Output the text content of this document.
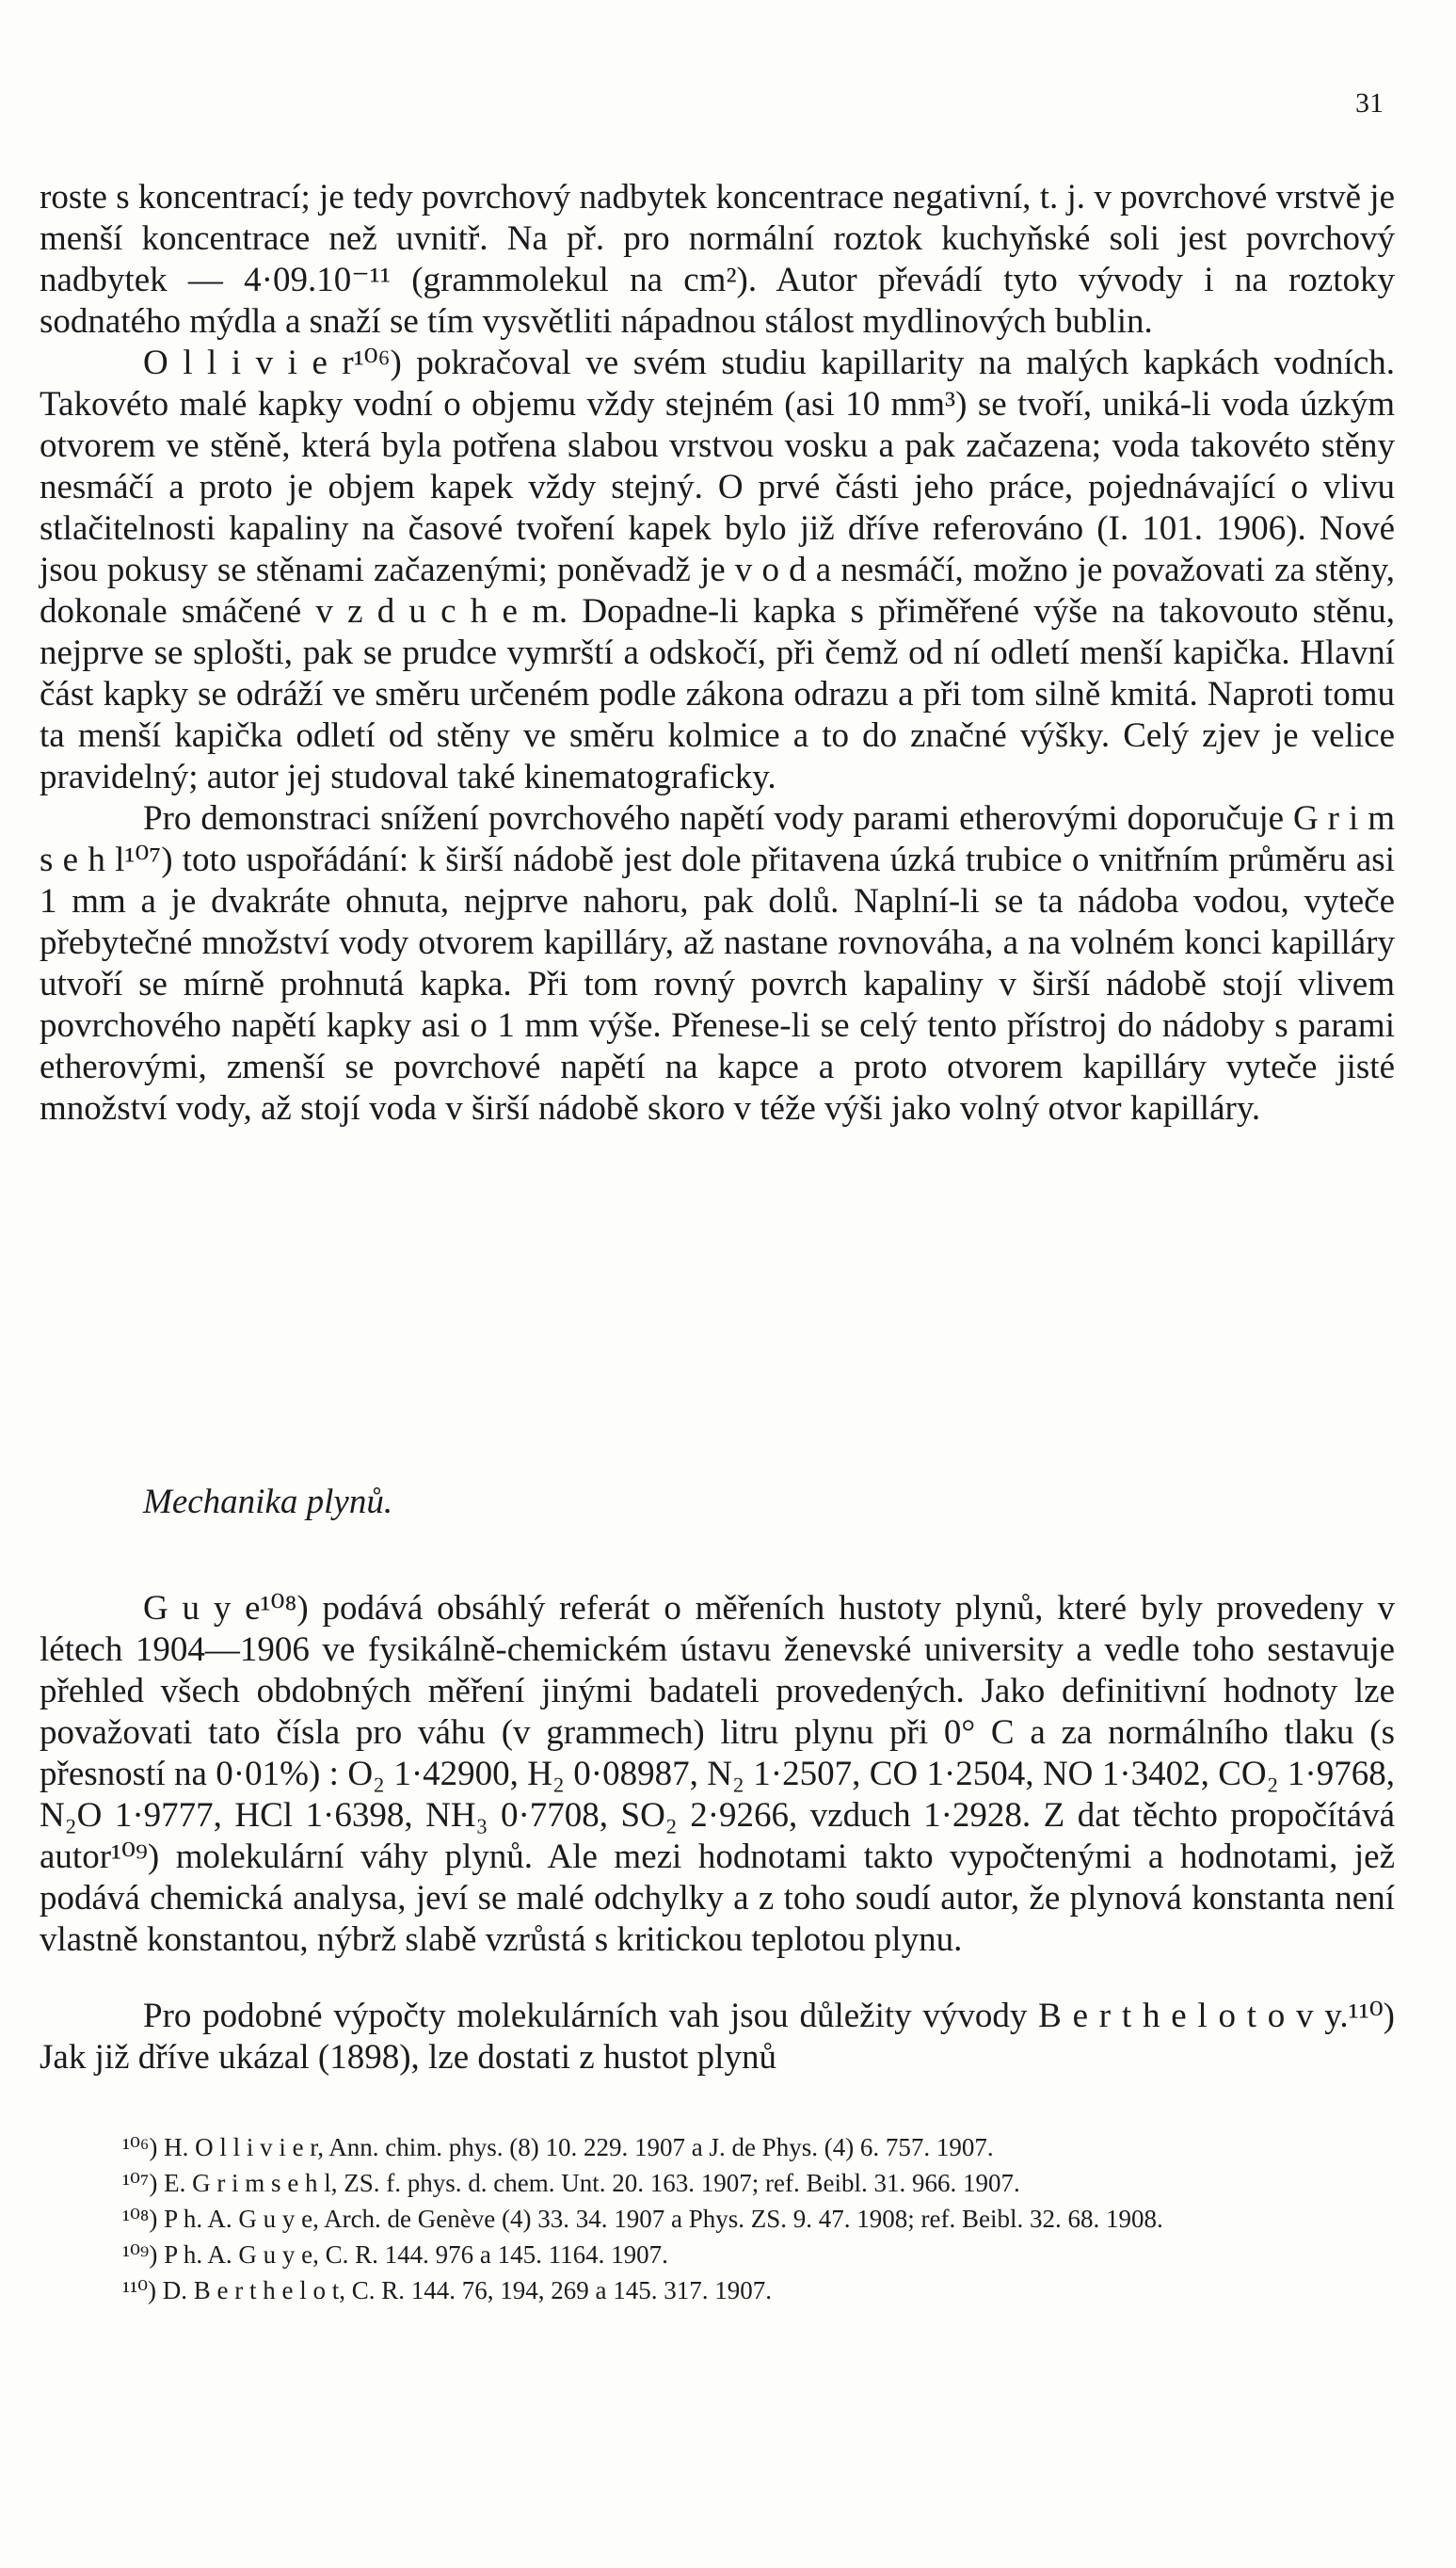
31

roste s koncentrací; je tedy povrchový nadbytek koncentrace negativní, t. j. v povrchové vrstvě je menší koncentrace než uvnitř. Na př. pro normální roztok kuchyňské soli jest povrchový nadbytek — 4·09.10⁻¹¹ (grammolekul na cm²). Autor převádí tyto vývody i na roztoky sodnatého mýdla a snaží se tím vysvětliti nápadnou stálost mydlinových bublin.

O l l i v i e r¹⁰⁶) pokračoval ve svém studiu kapillarity na malých kapkách vodních. Takovéto malé kapky vodní o objemu vždy stejném (asi 10 mm³) se tvoří, uniká-li voda úzkým otvorem ve stěně, která byla potřena slabou vrstvou vosku a pak začazena; voda takovéto stěny nesmáčí a proto je objem kapek vždy stejný. O prvé části jeho práce, pojednávající o vlivu stlačitelnosti kapaliny na časové tvoření kapek bylo již dříve referováno (I. 101. 1906). Nové jsou pokusy se stěnami začazenými; poněvadž je v o d a nesmáčí, možno je považovati za stěny, dokonale smáčené v z d u c h e m. Dopadne-li kapka s přiměřené výše na takovouto stěnu, nejprve se splošti, pak se prudce vymrští a odskočí, při čemž od ní odletí menší kapička. Hlavní část kapky se odráží ve směru určeném podle zákona odrazu a při tom silně kmitá. Naproti tomu ta menší kapička odletí od stěny ve směru kolmice a to do značné výšky. Celý zjev je velice pravidelný; autor jej studoval také kinematograficky.

Pro demonstraci snížení povrchového napětí vody parami etherovými doporučuje G r i m s e h l¹⁰⁷) toto uspořádání: k širší nádobě jest dole přitavena úzká trubice o vnitřním průměru asi 1 mm a je dvakráte ohnuta, nejprve nahoru, pak dolů. Naplní-li se ta nádoba vodou, vyteče přebytečné množství vody otvorem kapilláry, až nastane rovnováha, a na volném konci kapilláry utvoří se mírně prohnutá kapka. Při tom rovný povrch kapaliny v širší nádobě stojí vlivem povrchového napětí kapky asi o 1 mm výše. Přenese-li se celý tento přístroj do nádoby s parami etherovými, zmenší se povrchové napětí na kapce a proto otvorem kapilláry vyteče jisté množství vody, až stojí voda v širší nádobě skoro v téže výši jako volný otvor kapilláry.

Mechanika plynů.

G u y e¹⁰⁸) podává obsáhlý referát o měřeních hustoty plynů, které byly provedeny v létech 1904—1906 ve fysikálně-chemickém ústavu ženevské university a vedle toho sestavuje přehled všech obdobných měření jinými badateli provedených. Jako definitivní hodnoty lze považovati tato čísla pro váhu (v grammech) litru plynu při 0° C a za normálního tlaku (s přesností na 0·01%) : O₂ 1·42900, H₂ 0·08987, N₂ 1·2507, CO 1·2504, NO 1·3402, CO₂ 1·9768, N₂O 1·9777, HCl 1·6398, NH₃ 0·7708, SO₂ 2·9266, vzduch 1·2928. Z dat těchto propočítává autor¹⁰⁹) molekulární váhy plynů. Ale mezi hodnotami takto vypočtenými a hodnotami, jež podává chemická analysa, jeví se malé odchylky a z toho soudí autor, že plynová konstanta není vlastně konstantou, nýbrž slabě vzrůstá s kritickou teplotou plynu.

Pro podobné výpočty molekulárních vah jsou důležity vývody B e r t h e l o t o v y.¹¹⁰) Jak již dříve ukázal (1898), lze dostati z hustot plynů

¹⁰⁶) H. O l l i v i e r, Ann. chim. phys. (8) 10. 229. 1907 a J. de Phys. (4) 6. 757. 1907.

¹⁰⁷) E. G r i m s e h l, ZS. f. phys. d. chem. Unt. 20. 163. 1907; ref. Beibl. 31. 966. 1907.

¹⁰⁸) P h. A. G u y e, Arch. de Genève (4) 33. 34. 1907 a Phys. ZS. 9. 47. 1908; ref. Beibl. 32. 68. 1908.

¹⁰⁹) P h. A. G u y e, C. R. 144. 976 a 145. 1164. 1907.

¹¹⁰) D. B e r t h e l o t, C. R. 144. 76, 194, 269 a 145. 317. 1907.
